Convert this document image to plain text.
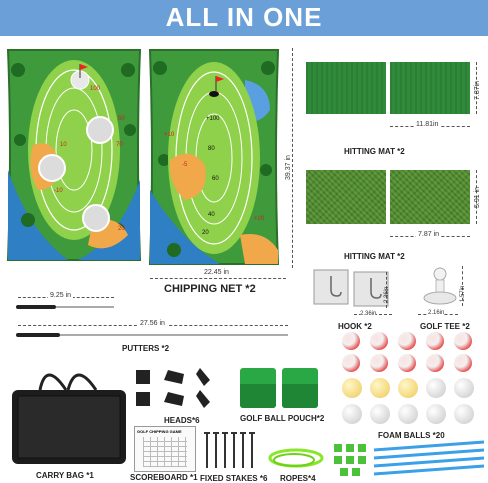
ALL IN ONE
100
70
10
50
20
-10
+100
80
-5
60
+10
40
+20
20
39.37 in
22.45 in
CHIPPING NET *2
7.87in
11.81in
HITTING MAT *2
5.91 in
7.87 in
HITTING MAT *2
2.36in
2.36in
HOOK *2
1.57in
2.16in
GOLF TEE *2
9.25 in
27.56 in
PUTTERS *2
CARRY BAG *1
HEADS*6	GOLF BALL POUCH*2
FOAM BALLS *20
GOLF CHIPPING GAME
SCOREBOARD *1 FIXED STAKES *6 ROPES*4
